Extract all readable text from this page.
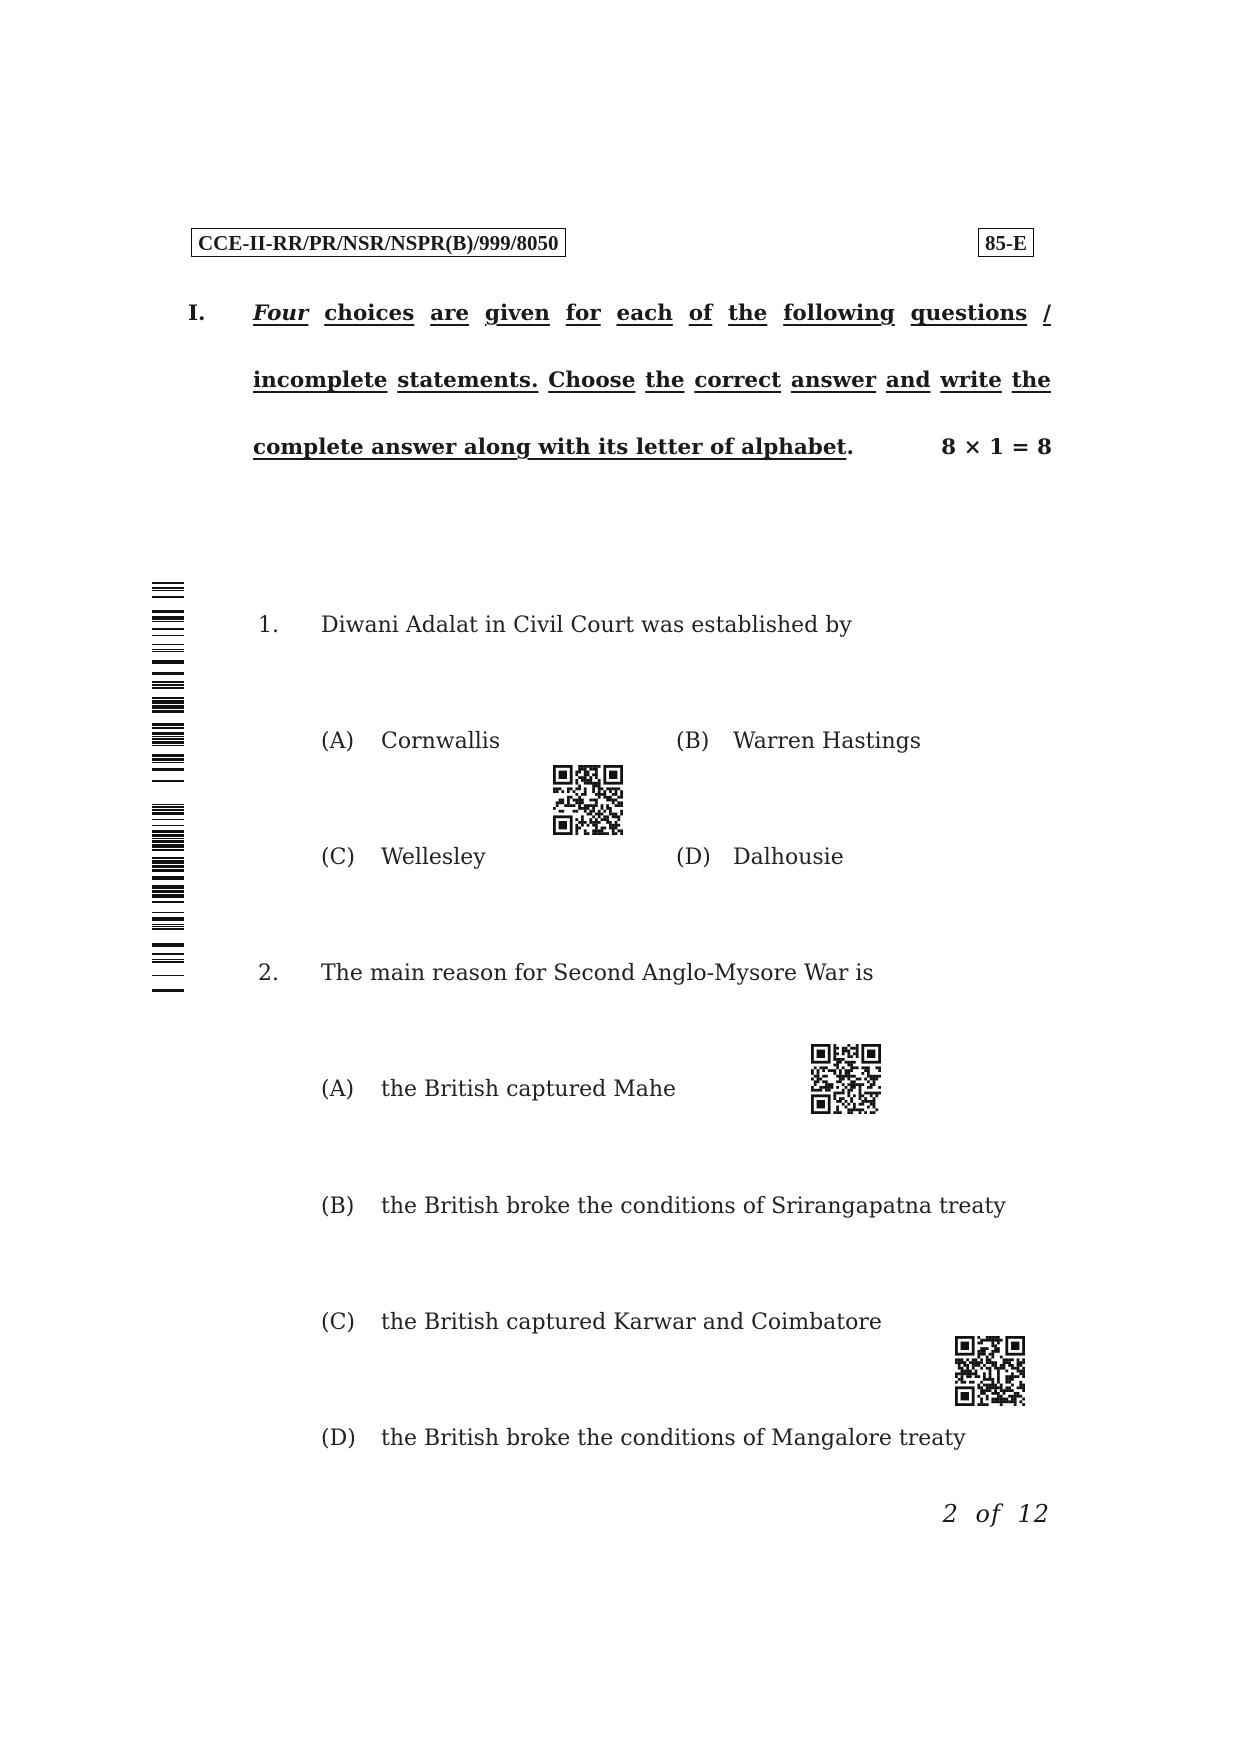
CCE-II-RR/PR/NSR/NSPR(B)/999/8050	85-E
I. Four choices are given for each of the following questions /
incomplete statements. Choose the correct answer and write the
complete answer along with its letter of alphabet.	8 × 1 = 8
1. Diwani Adalat in Civil Court was established by
(A) Cornwallis	(B) Warren Hastings
(C) Wellesley	(D) Dalhousie
2. The main reason for Second Anglo-Mysore War is
(A) the British captured Mahe
(B) the British broke the conditions of Srirangapatna treaty
(C) the British captured Karwar and Coimbatore
(D) the British broke the conditions of Mangalore treaty
2 of 12
